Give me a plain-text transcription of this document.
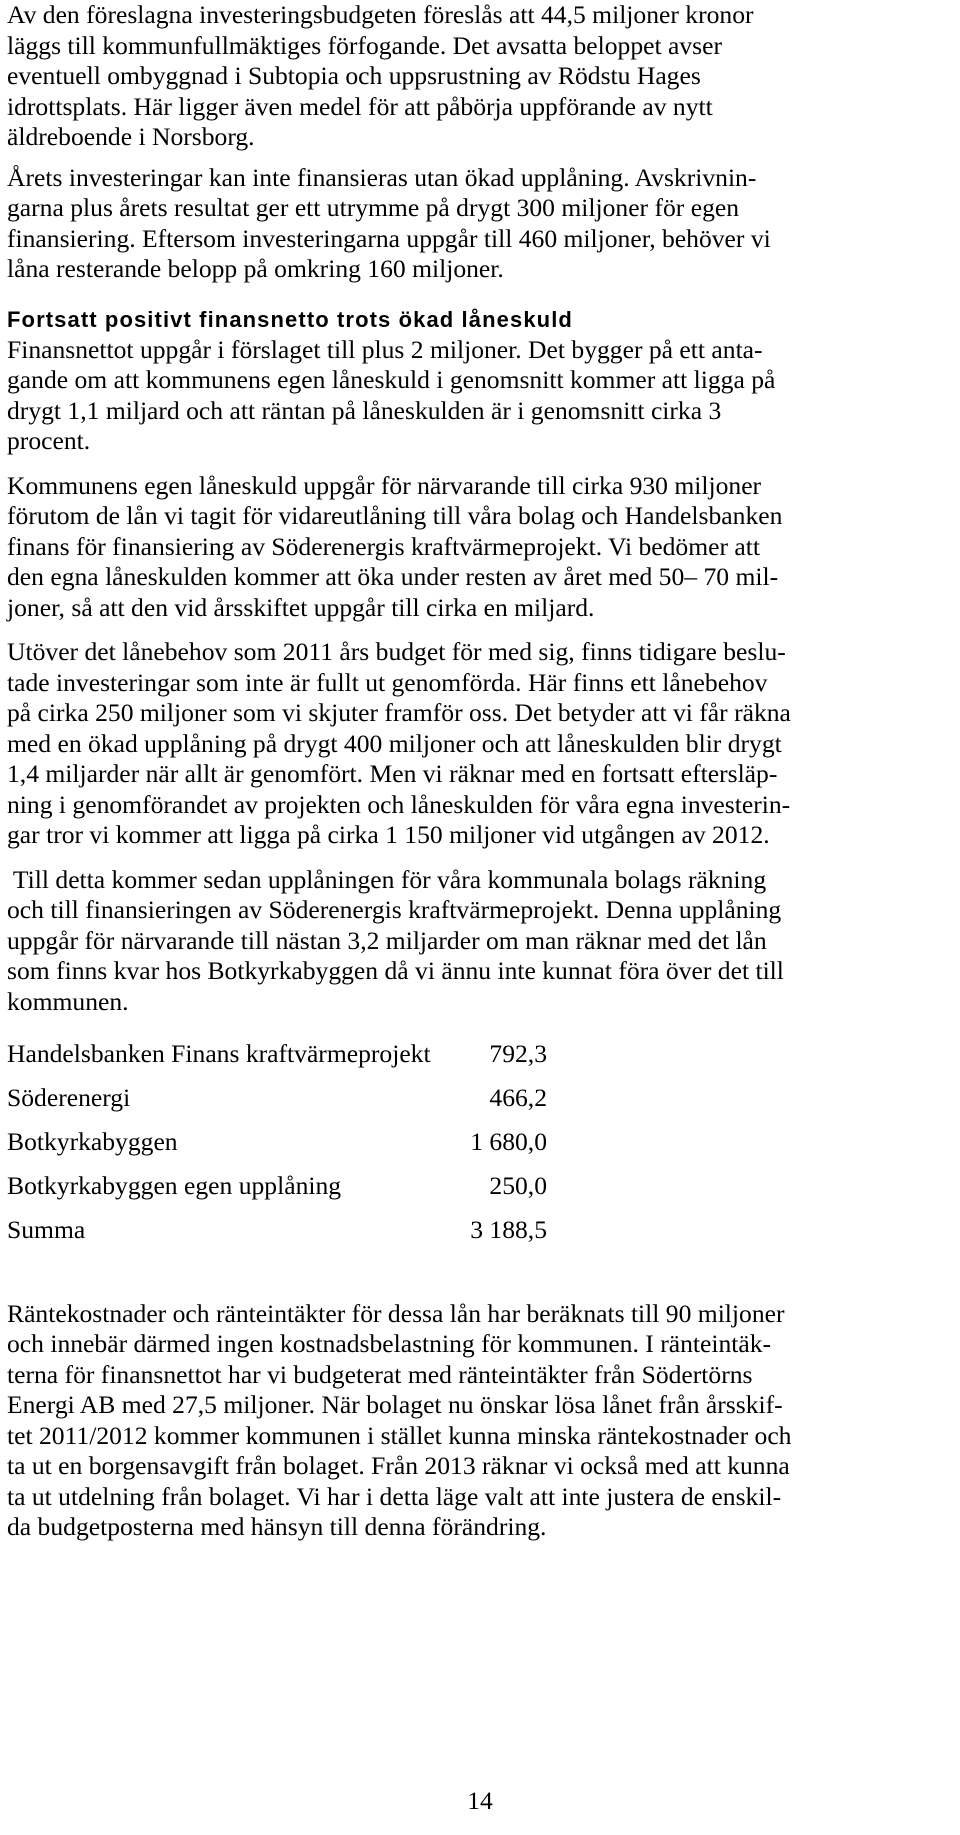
Av den föreslagna investeringsbudgeten föreslås att 44,5 miljoner kronor
läggs till kommunfullmäktiges förfogande. Det avsatta beloppet avser
eventuell ombyggnad i Subtopia och uppsrustning av Rödstu Hages
idrottsplats. Här ligger även medel för att påbörja uppförande av nytt
äldreboende i Norsborg.

Årets investeringar kan inte finansieras utan ökad upplåning. Avskrivnin-
garna plus årets resultat ger ett utrymme på drygt 300 miljoner för egen
finansiering. Eftersom investeringarna uppgår till 460 miljoner, behöver vi
låna resterande belopp på omkring 160 miljoner.

Fortsatt positivt finansnetto trots ökad låneskuld

Finansnettot uppgår i förslaget till plus 2 miljoner. Det bygger på ett anta-
gande om att kommunens egen låneskuld i genomsnitt kommer att ligga på
drygt 1,1 miljard och att räntan på låneskulden är i genomsnitt cirka 3
procent.

Kommunens egen låneskuld uppgår för närvarande till cirka 930 miljoner
förutom de lån vi tagit för vidareutlåning till våra bolag och Handelsbanken
finans för finansiering av Söderenergis kraftvärmeprojekt. Vi bedömer att
den egna låneskulden kommer att öka under resten av året med 50– 70 mil-
joner, så att den vid årsskiftet uppgår till cirka en miljard.

Utöver det lånebehov som 2011 års budget för med sig, finns tidigare beslu-
tade investeringar som inte är fullt ut genomförda. Här finns ett lånebehov
på cirka 250 miljoner som vi skjuter framför oss. Det betyder att vi får räkna
med en ökad upplåning på drygt 400 miljoner och att låneskulden blir drygt
1,4 miljarder när allt är genomfört. Men vi räknar med en fortsatt eftersläp-
ning i genomförandet av projekten och låneskulden för våra egna investerin-
gar tror vi kommer att ligga på cirka 1 150 miljoner vid utgången av 2012.

Till detta kommer sedan upplåningen för våra kommunala bolags räkning
och till finansieringen av Söderenergis kraftvärmeprojekt. Denna upplåning
uppgår för närvarande till nästan 3,2 miljarder om man räknar med det lån
som finns kvar hos Botkyrkabyggen då vi ännu inte kunnat föra över det till
kommunen.

Handelsbanken Finans kraftvärmeprojekt 792,3
Söderenergi	466,2
Botkyrkabyggen	1 680,0
Botkyrkabyggen egen upplåning	250,0
Summa	3 188,5

Räntekostnader och ränteintäkter för dessa lån har beräknats till 90 miljoner
och innebär därmed ingen kostnadsbelastning för kommunen. I ränteintäk-
terna för finansnettot har vi budgeterat med ränteintäkter från Södertörns
Energi AB med 27,5 miljoner. När bolaget nu önskar lösa lånet från årsskif-
tet 2011/2012 kommer kommunen i stället kunna minska räntekostnader och
ta ut en borgensavgift från bolaget. Från 2013 räknar vi också med att kunna
ta ut utdelning från bolaget. Vi har i detta läge valt att inte justera de enskil-
da budgetposterna med hänsyn till denna förändring.

14
